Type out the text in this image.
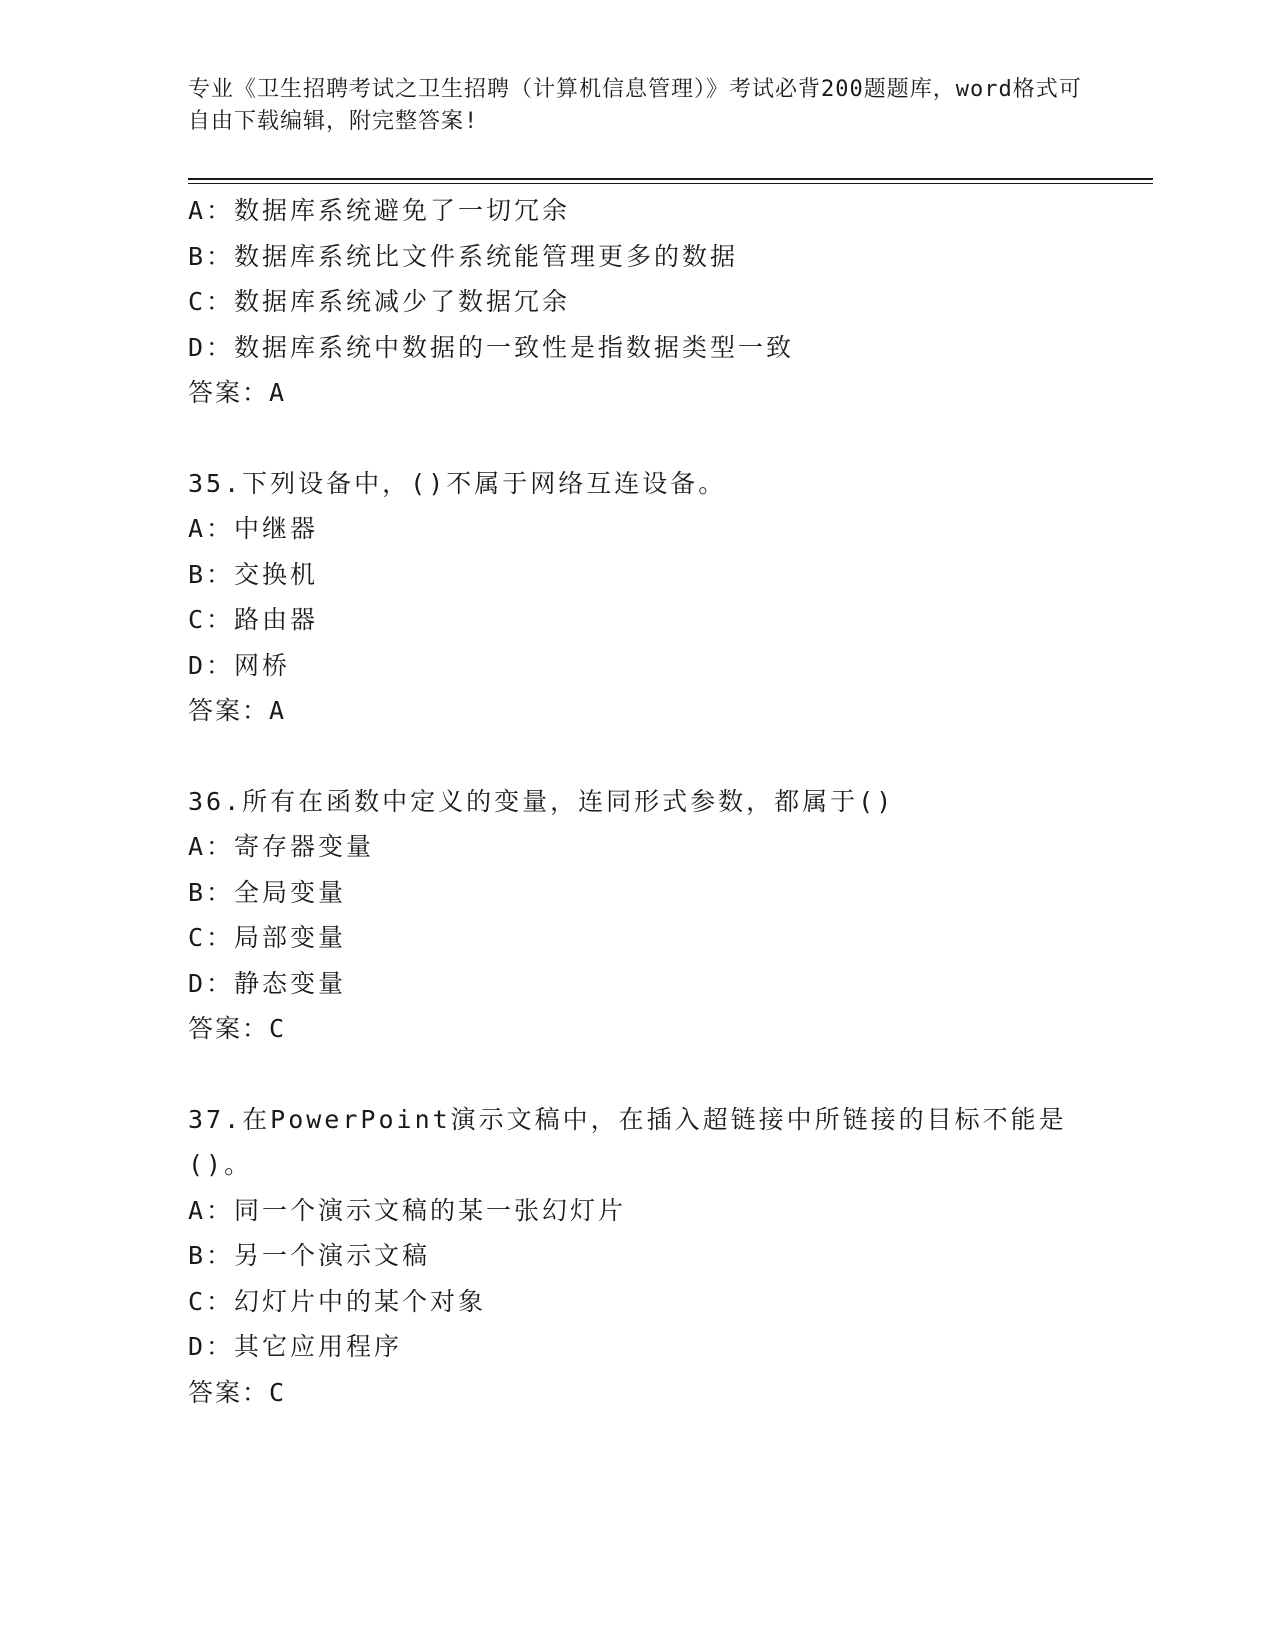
专业《卫生招聘考试之卫生招聘（计算机信息管理）》考试必背200题题库，word格式可自由下载编辑，附完整答案!
A：数据库系统避免了一切冗余
B：数据库系统比文件系统能管理更多的数据
C：数据库系统减少了数据冗余
D：数据库系统中数据的一致性是指数据类型一致
答案：A
35.下列设备中，()不属于网络互连设备。
A：中继器
B：交换机
C：路由器
D：网桥
答案：A
36.所有在函数中定义的变量，连同形式参数，都属于()
A：寄存器变量
B：全局变量
C：局部变量
D：静态变量
答案：C
37.在PowerPoint演示文稿中，在插入超链接中所链接的目标不能是()。
A：同一个演示文稿的某一张幻灯片
B：另一个演示文稿
C：幻灯片中的某个对象
D：其它应用程序
答案：C
